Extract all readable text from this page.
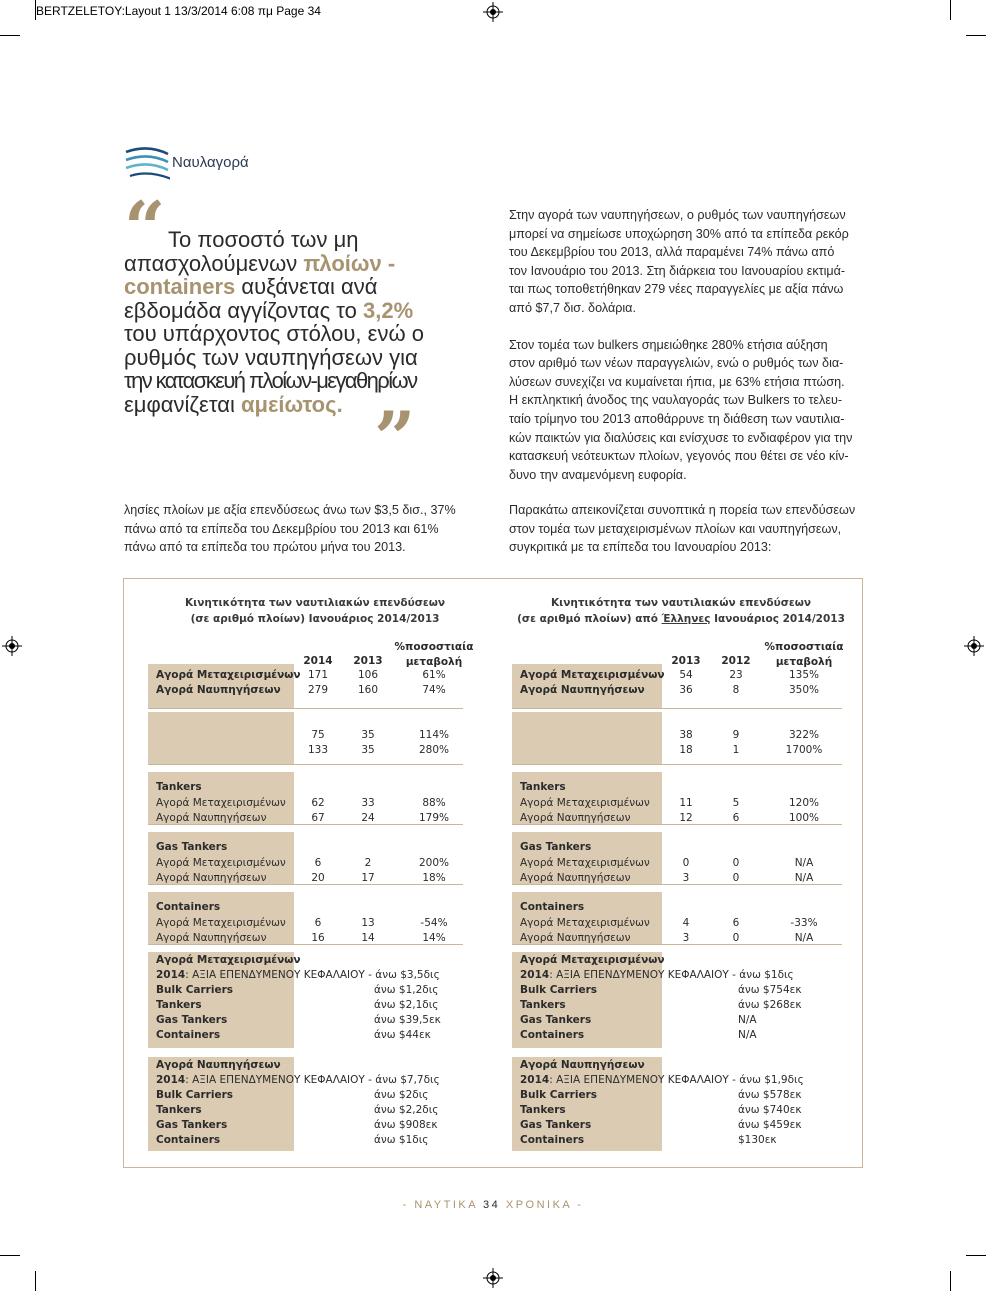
BERTZELETOY:Layout 1 13/3/2014 6:08 πμ Page 34
Ναυλαγορά
“ Το ποσοστό των μη
απασχολούμενων πλοίων -
containers αυξάνεται ανά
εβδομάδα αγγίζοντας το 3,2%
του υπάρχοντος στόλου, ενώ ο
ρυθμός των ναυπηγήσεων για
την κατασκευή πλοίων-μεγαθηρίων
εμφανίζεται αμείωτος. ”
λησίες πλοίων με αξία επενδύσεως άνω των $3,5 δισ., 37%
πάνω από τα επίπεδα του Δεκεμβρίου του 2013 και 61%
πάνω από τα επίπεδα του πρώτου μήνα του 2013.
Στην αγορά των ναυπηγήσεων, ο ρυθμός των ναυπηγήσεων
μπορεί να σημείωσε υποχώρηση 30% από τα επίπεδα ρεκόρ
του Δεκεμβρίου του 2013, αλλά παραμένει 74% πάνω από
τον Ιανουάριο του 2013. Στη διάρκεια του Ιανουαρίου εκτιμά-
ται πως τοποθετήθηκαν 279 νέες παραγγελίες με αξία πάνω
από $7,7 δισ. δολάρια.
Στον τομέα των bulkers σημειώθηκε 280% ετήσια αύξηση
στον αριθμό των νέων παραγγελιών, ενώ ο ρυθμός των δια-
λύσεων συνεχίζει να κυμαίνεται ήπια, με 63% ετήσια πτώση.
Η εκπληκτική άνοδος της ναυλαγοράς των Bulkers το τελευ-
ταίο τρίμηνο του 2013 αποθάρρυνε τη διάθεση των ναυτιλια-
κών παικτών για διαλύσεις και ενίσχυσε το ενδιαφέρον για την
κατασκευή νεότευκτων πλοίων, γεγονός που θέτει σε νέο κίν-
δυνο την αναμενόμενη ευφορία.
Παρακάτω απεικονίζεται συνοπτικά η πορεία των επενδύσεων
στον τομέα των μεταχειρισμένων πλοίων και ναυπηγήσεων,
συγκριτικά με τα επίπεδα του Ιανουαρίου 2013:
Κινητικότητα των ναυτιλιακών επενδύσεων
(σε αριθμό πλοίων) Ιανουάριος 2014/2013
%ποσοστιαία
μεταβολή
2014	2013
Αγορά Μεταχειρισμένων 171	106	61%
Αγορά Ναυπηγήσεων	279	160	74%
75	35	114%
133	35	280%
Tankers
Αγορά Μεταχειρισμένων	62	33	88%
Αγορά Ναυπηγήσεων	67	24	179%
Gas Tankers
Αγορά Μεταχειρισμένων	6	2	200%
Αγορά Ναυπηγήσεων	20	17	18%
Containers
Αγορά Μεταχειρισμένων	6	13	-54%
Αγορά Ναυπηγήσεων	16	14	14%
Αγορά Μεταχειρισμένων
2014: ΑΞΙΑ ΕΠΕΝΔΥΜΕΝΟΥ ΚΕΦΑΛΑΙΟΥ - άνω $3,5δις
Bulk Carriers	άνω $1,2δις
Tankers	άνω $2,1δις
Gas Tankers	άνω $39,5εκ
Containers	άνω $44εκ
Αγορά Ναυπηγήσεων
2014: ΑΞΙΑ ΕΠΕΝΔΥΜΕΝΟΥ ΚΕΦΑΛΑΙΟΥ - άνω $7,7δις
Bulk Carriers	άνω $2δις
Tankers	άνω $2,2δις
Gas Tankers	άνω $908εκ
Containers	άνω $1δις
Κινητικότητα των ναυτιλιακών επενδύσεων
(σε αριθμό πλοίων) από Έλληνες Ιανουάριος 2014/2013
%ποσοστιαία
μεταβολή
2013	2012
Αγορά Μεταχειρισμένων	54	23	135%
Αγορά Ναυπηγήσεων	36	8	350%
38	9	322%
18	1	1700%
Tankers
Αγορά Μεταχειρισμένων	11	5	120%
Αγορά Ναυπηγήσεων	12	6	100%
Gas Tankers
Αγορά Μεταχειρισμένων	0	0	N/A
Αγορά Ναυπηγήσεων	3	0	N/A
Containers
Αγορά Μεταχειρισμένων	4	6	-33%
Αγορά Ναυπηγήσεων	3	0	N/A
Αγορά Μεταχειρισμένων
2014: ΑΞΙΑ ΕΠΕΝΔΥΜΕΝΟΥ ΚΕΦΑΛΑΙΟΥ - άνω $1δις
Bulk Carriers	άνω $754εκ
Tankers	άνω $268εκ
Gas Tankers	N/A
Containers	N/A
Αγορά Ναυπηγήσεων
2014: ΑΞΙΑ ΕΠΕΝΔΥΜΕΝΟΥ ΚΕΦΑΛΑΙΟΥ - άνω $1,9δις
Bulk Carriers	άνω $578εκ
Tankers	άνω $740εκ
Gas Tankers	άνω $459εκ
Containers	$130εκ
- ΝΑΥΤΙΚΑ 34 ΧΡΟΝΙΚΑ -
